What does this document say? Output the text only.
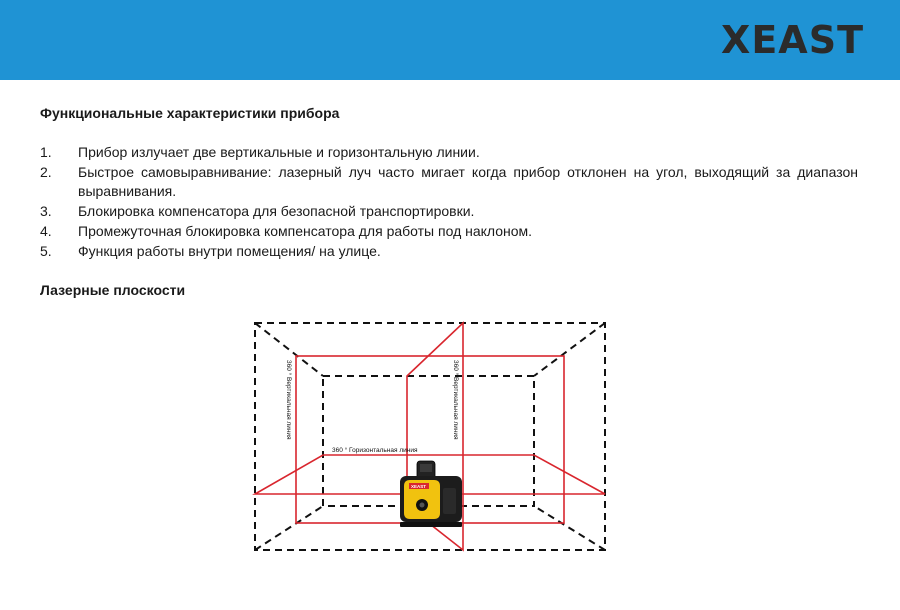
XEAST
Функциональные характеристики прибора
1.	Прибор излучает две вертикальные и горизонтальную линии.
2.	Быстрое самовыравнивание: лазерный луч часто мигает когда прибор отклонен на угол, выходящий за диапазон выравнивания.
3.	Блокировка компенсатора для безопасной транспортировки.
4.	Промежуточная блокировка компенсатора для работы под наклоном.
5.	Функция работы внутри помещения/ на улице.
Лазерные плоскости
360 ° Вертикальная линия	360 ° Вертикальная линия
360 ° Горизонтальная линия
XEAST
